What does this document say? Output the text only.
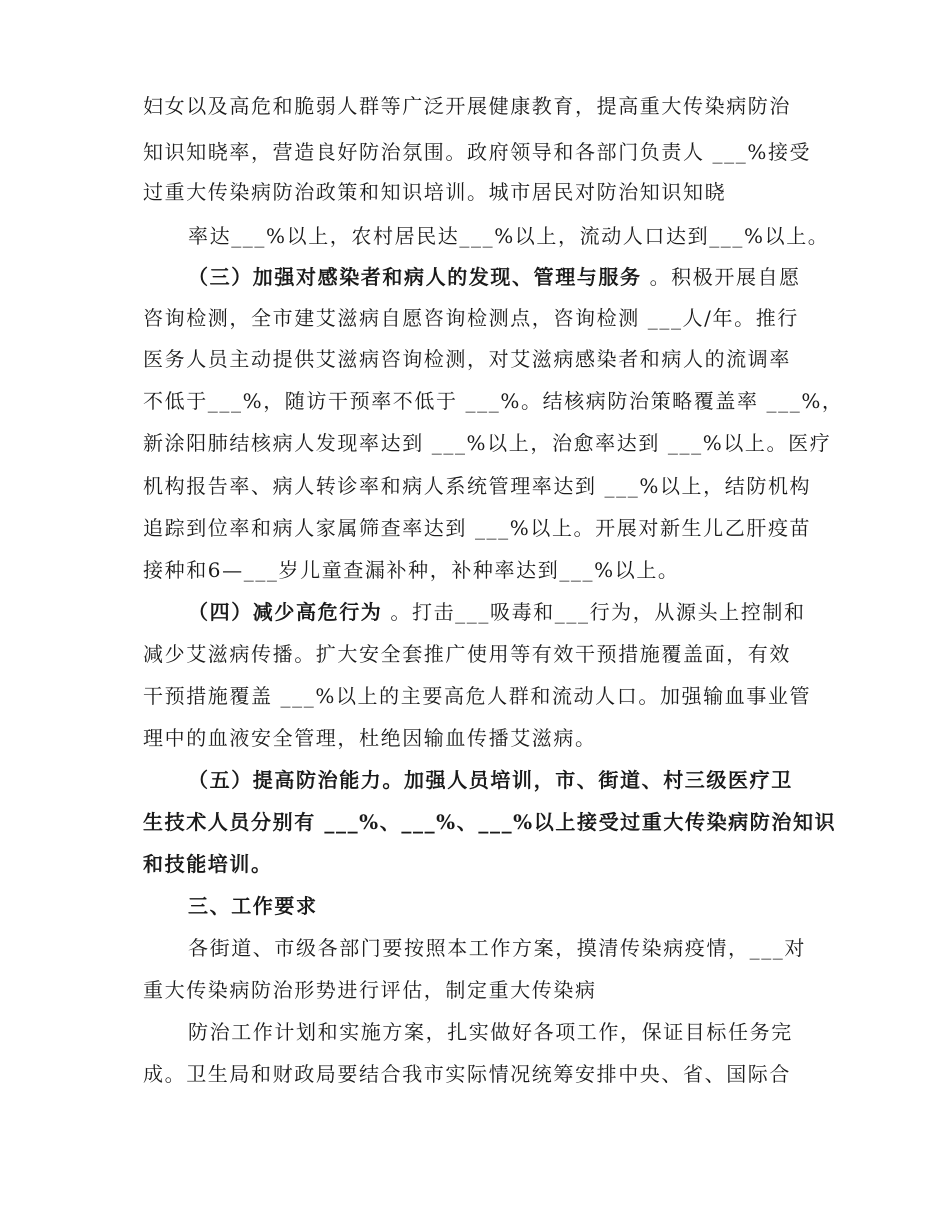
妇女以及高危和脆弱人群等广泛开展健康教育，提高重大传染病防治
知识知晓率，营造良好防治氛围。政府领导和各部门负责人 ___%接受
过重大传染病防治政策和知识培训。城市居民对防治知识知晓
率达___%以上，农村居民达___%以上，流动人口达到___%以上。
（三）加强对感染者和病人的发现、管理与服务 。积极开展自愿
咨询检测，全市建艾滋病自愿咨询检测点，咨询检测 ___人/年。推行
医务人员主动提供艾滋病咨询检测，对艾滋病感染者和病人的流调率
不低于___%，随访干预率不低于 ___%。结核病防治策略覆盖率 ___%，
新涂阳肺结核病人发现率达到 ___%以上，治愈率达到 ___%以上。医疗
机构报告率、病人转诊率和病人系统管理率达到 ___%以上，结防机构
追踪到位率和病人家属筛查率达到 ___%以上。开展对新生儿乙肝疫苗
接种和6—___岁儿童查漏补种，补种率达到___%以上。
（四）减少高危行为 。打击___吸毒和___行为，从源头上控制和
减少艾滋病传播。扩大安全套推广使用等有效干预措施覆盖面，有效
干预措施覆盖 ___%以上的主要高危人群和流动人口。加强输血事业管
理中的血液安全管理，杜绝因输血传播艾滋病。
（五）提高防治能力。加强人员培训，市、街道、村三级医疗卫
生技术人员分别有 ___%、___%、___%以上接受过重大传染病防治知识
和技能培训。
三、工作要求
各街道、市级各部门要按照本工作方案，摸清传染病疫情，___对
重大传染病防治形势进行评估，制定重大传染病
防治工作计划和实施方案，扎实做好各项工作，保证目标任务完
成。卫生局和财政局要结合我市实际情况统筹安排中央、省、国际合
